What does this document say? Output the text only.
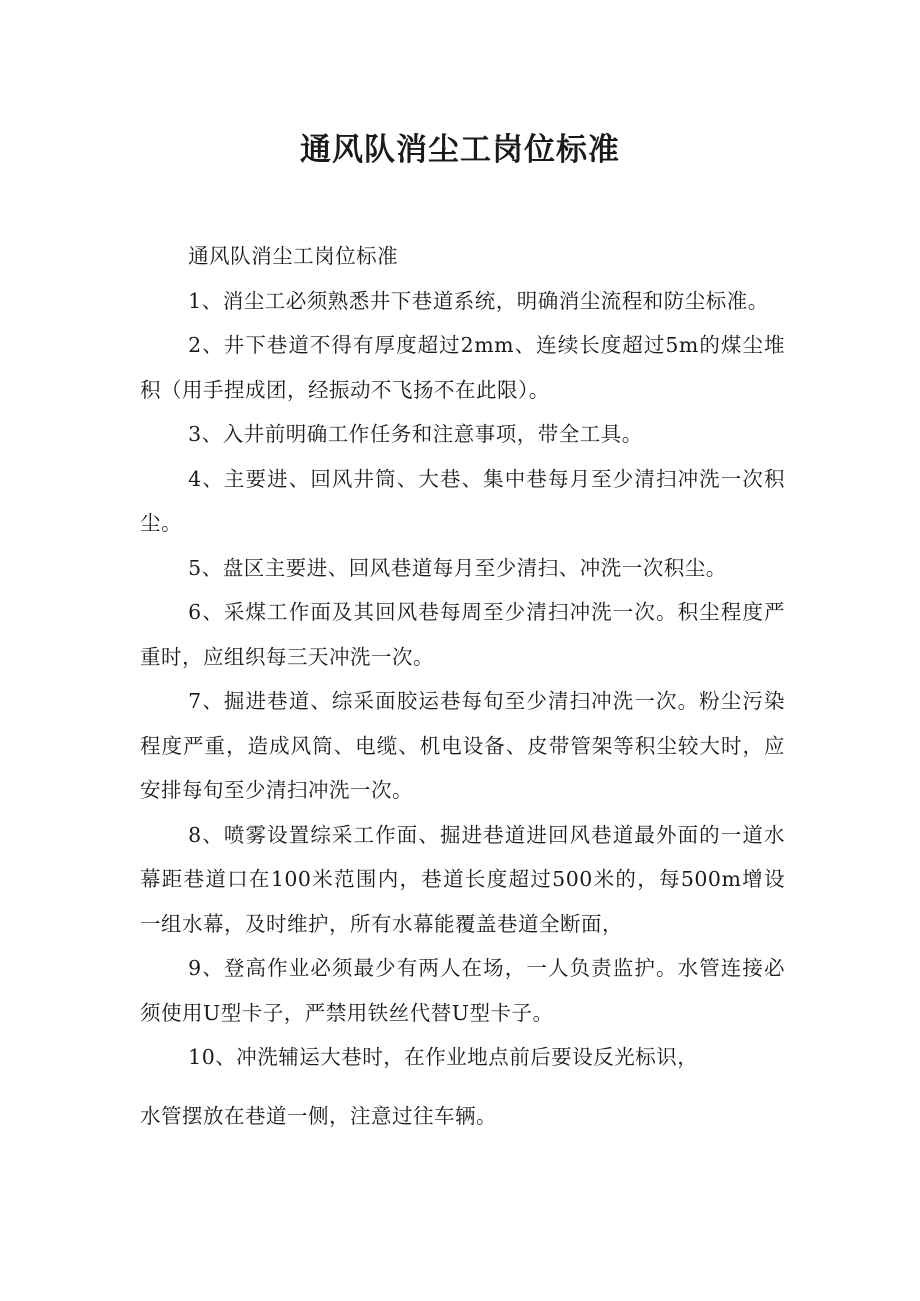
通风队消尘工岗位标准

通风队消尘工岗位标准

1、消尘工必须熟悉井下巷道系统，明确消尘流程和防尘标准。

2、井下巷道不得有厚度超过2mm、连续长度超过5m的煤尘堆积（用手捏成团，经振动不飞扬不在此限）。

3、入井前明确工作任务和注意事项，带全工具。

4、主要进、回风井筒、大巷、集中巷每月至少清扫冲洗一次积尘。

5、盘区主要进、回风巷道每月至少清扫、冲洗一次积尘。

6、采煤工作面及其回风巷每周至少清扫冲洗一次。积尘程度严重时，应组织每三天冲洗一次。

7、掘进巷道、综采面胶运巷每旬至少清扫冲洗一次。粉尘污染程度严重，造成风筒、电缆、机电设备、皮带管架等积尘较大时，应安排每旬至少清扫冲洗一次。

8、喷雾设置综采工作面、掘进巷道进回风巷道最外面的一道水幕距巷道口在100米范围内，巷道长度超过500米的，每500m增设一组水幕，及时维护，所有水幕能覆盖巷道全断面，

9、登高作业必须最少有两人在场，一人负责监护。水管连接必须使用U型卡子，严禁用铁丝代替U型卡子。

10、冲洗辅运大巷时，在作业地点前后要设反光标识，

水管摆放在巷道一侧，注意过往车辆。
